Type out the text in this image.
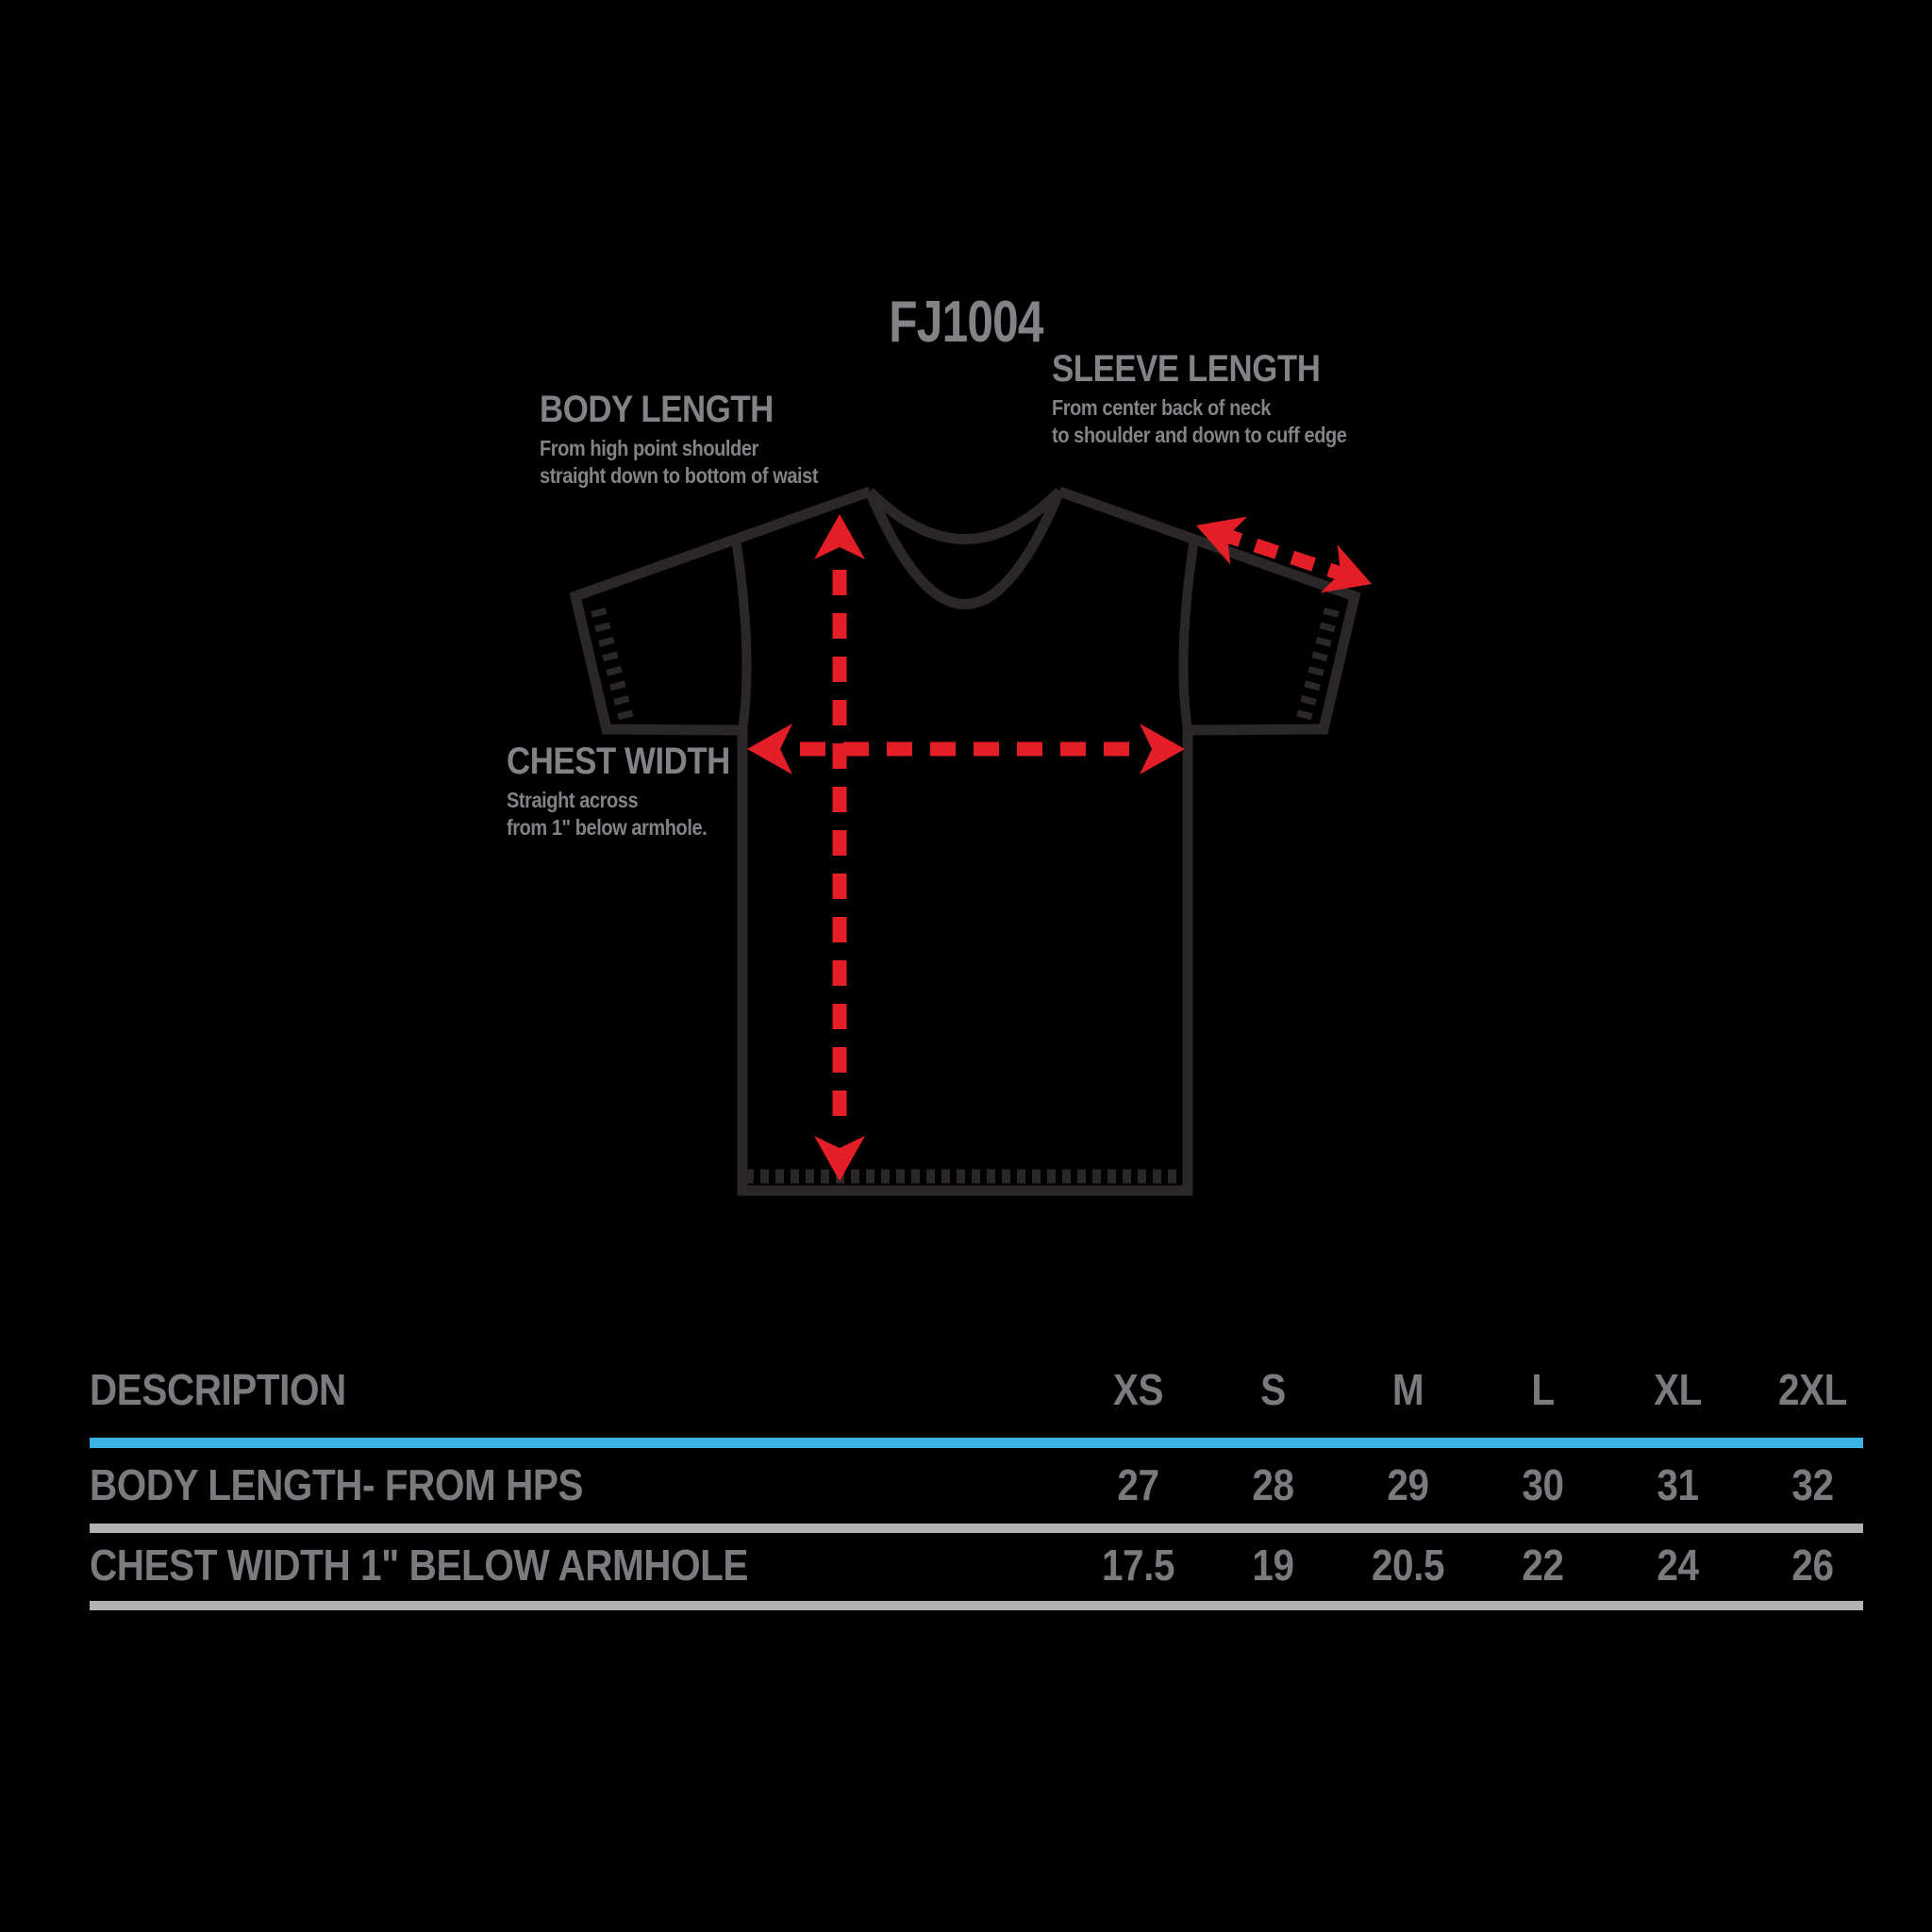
FJ1004
BODY LENGTH
From high point shoulder
straight down to bottom of waist
SLEEVE LENGTH
From center back of neck
to shoulder and down to cuff edge
CHEST WIDTH
Straight across
from 1" below armhole.
DESCRIPTION	XS	S	M	L	XL	2XL
BODY LENGTH- FROM HPS	27	28	29	30	31	32
CHEST WIDTH 1" BELOW ARMHOLE	17.5	19	20.5	22	24	26
